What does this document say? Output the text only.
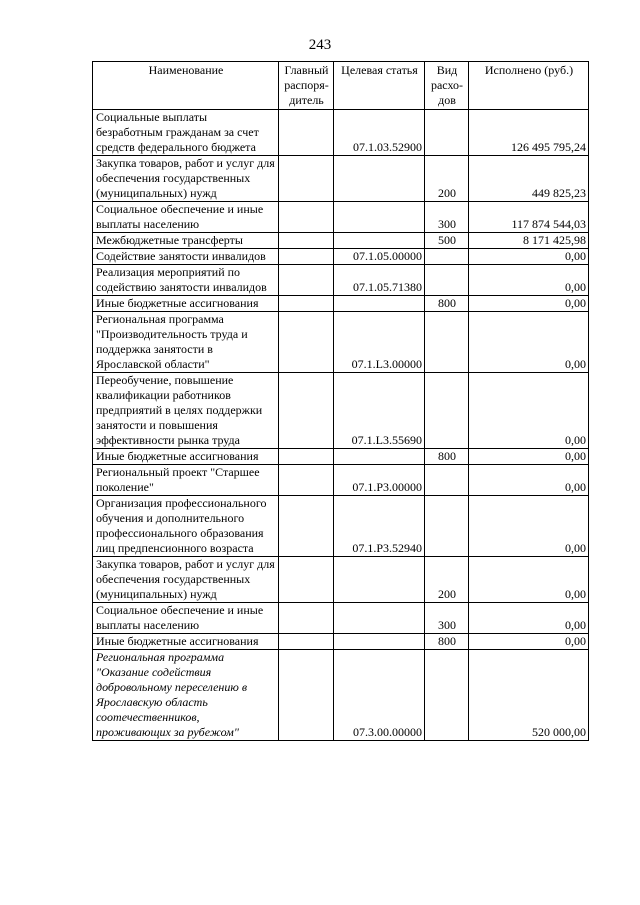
243
Наименование	Главный распоря-дитель	Целевая статья	Вид расхо-дов	Исполнено (руб.)
Социальные выплаты безработным гражданам за счет средств федерального бюджета		07.1.03.52900		126 495 795,24
Закупка товаров, работ и услуг для обеспечения государственных (муниципальных) нужд			200	449 825,23
Социальное обеспечение и иные выплаты населению			300	117 874 544,03
Межбюджетные трансферты			500	8 171 425,98
Содействие занятости инвалидов		07.1.05.00000		0,00
Реализация мероприятий по содействию занятости инвалидов		07.1.05.71380		0,00
Иные бюджетные ассигнования			800	0,00
Региональная программа "Производительность труда и поддержка занятости в Ярославской области"		07.1.L3.00000		0,00
Переобучение, повышение квалификации работников предприятий в целях поддержки занятости и повышения эффективности рынка труда		07.1.L3.55690		0,00
Иные бюджетные ассигнования			800	0,00
Региональный проект "Старшее поколение"		07.1.P3.00000		0,00
Организация профессионального обучения и дополнительного профессионального образования лиц предпенсионного возраста		07.1.P3.52940		0,00
Закупка товаров, работ и услуг для обеспечения государственных (муниципальных) нужд			200	0,00
Социальное обеспечение и иные выплаты населению			300	0,00
Иные бюджетные ассигнования			800	0,00
Региональная программа "Оказание содействия добровольному переселению в Ярославскую область соотечественников, проживающих за рубежом"		07.3.00.00000		520 000,00
